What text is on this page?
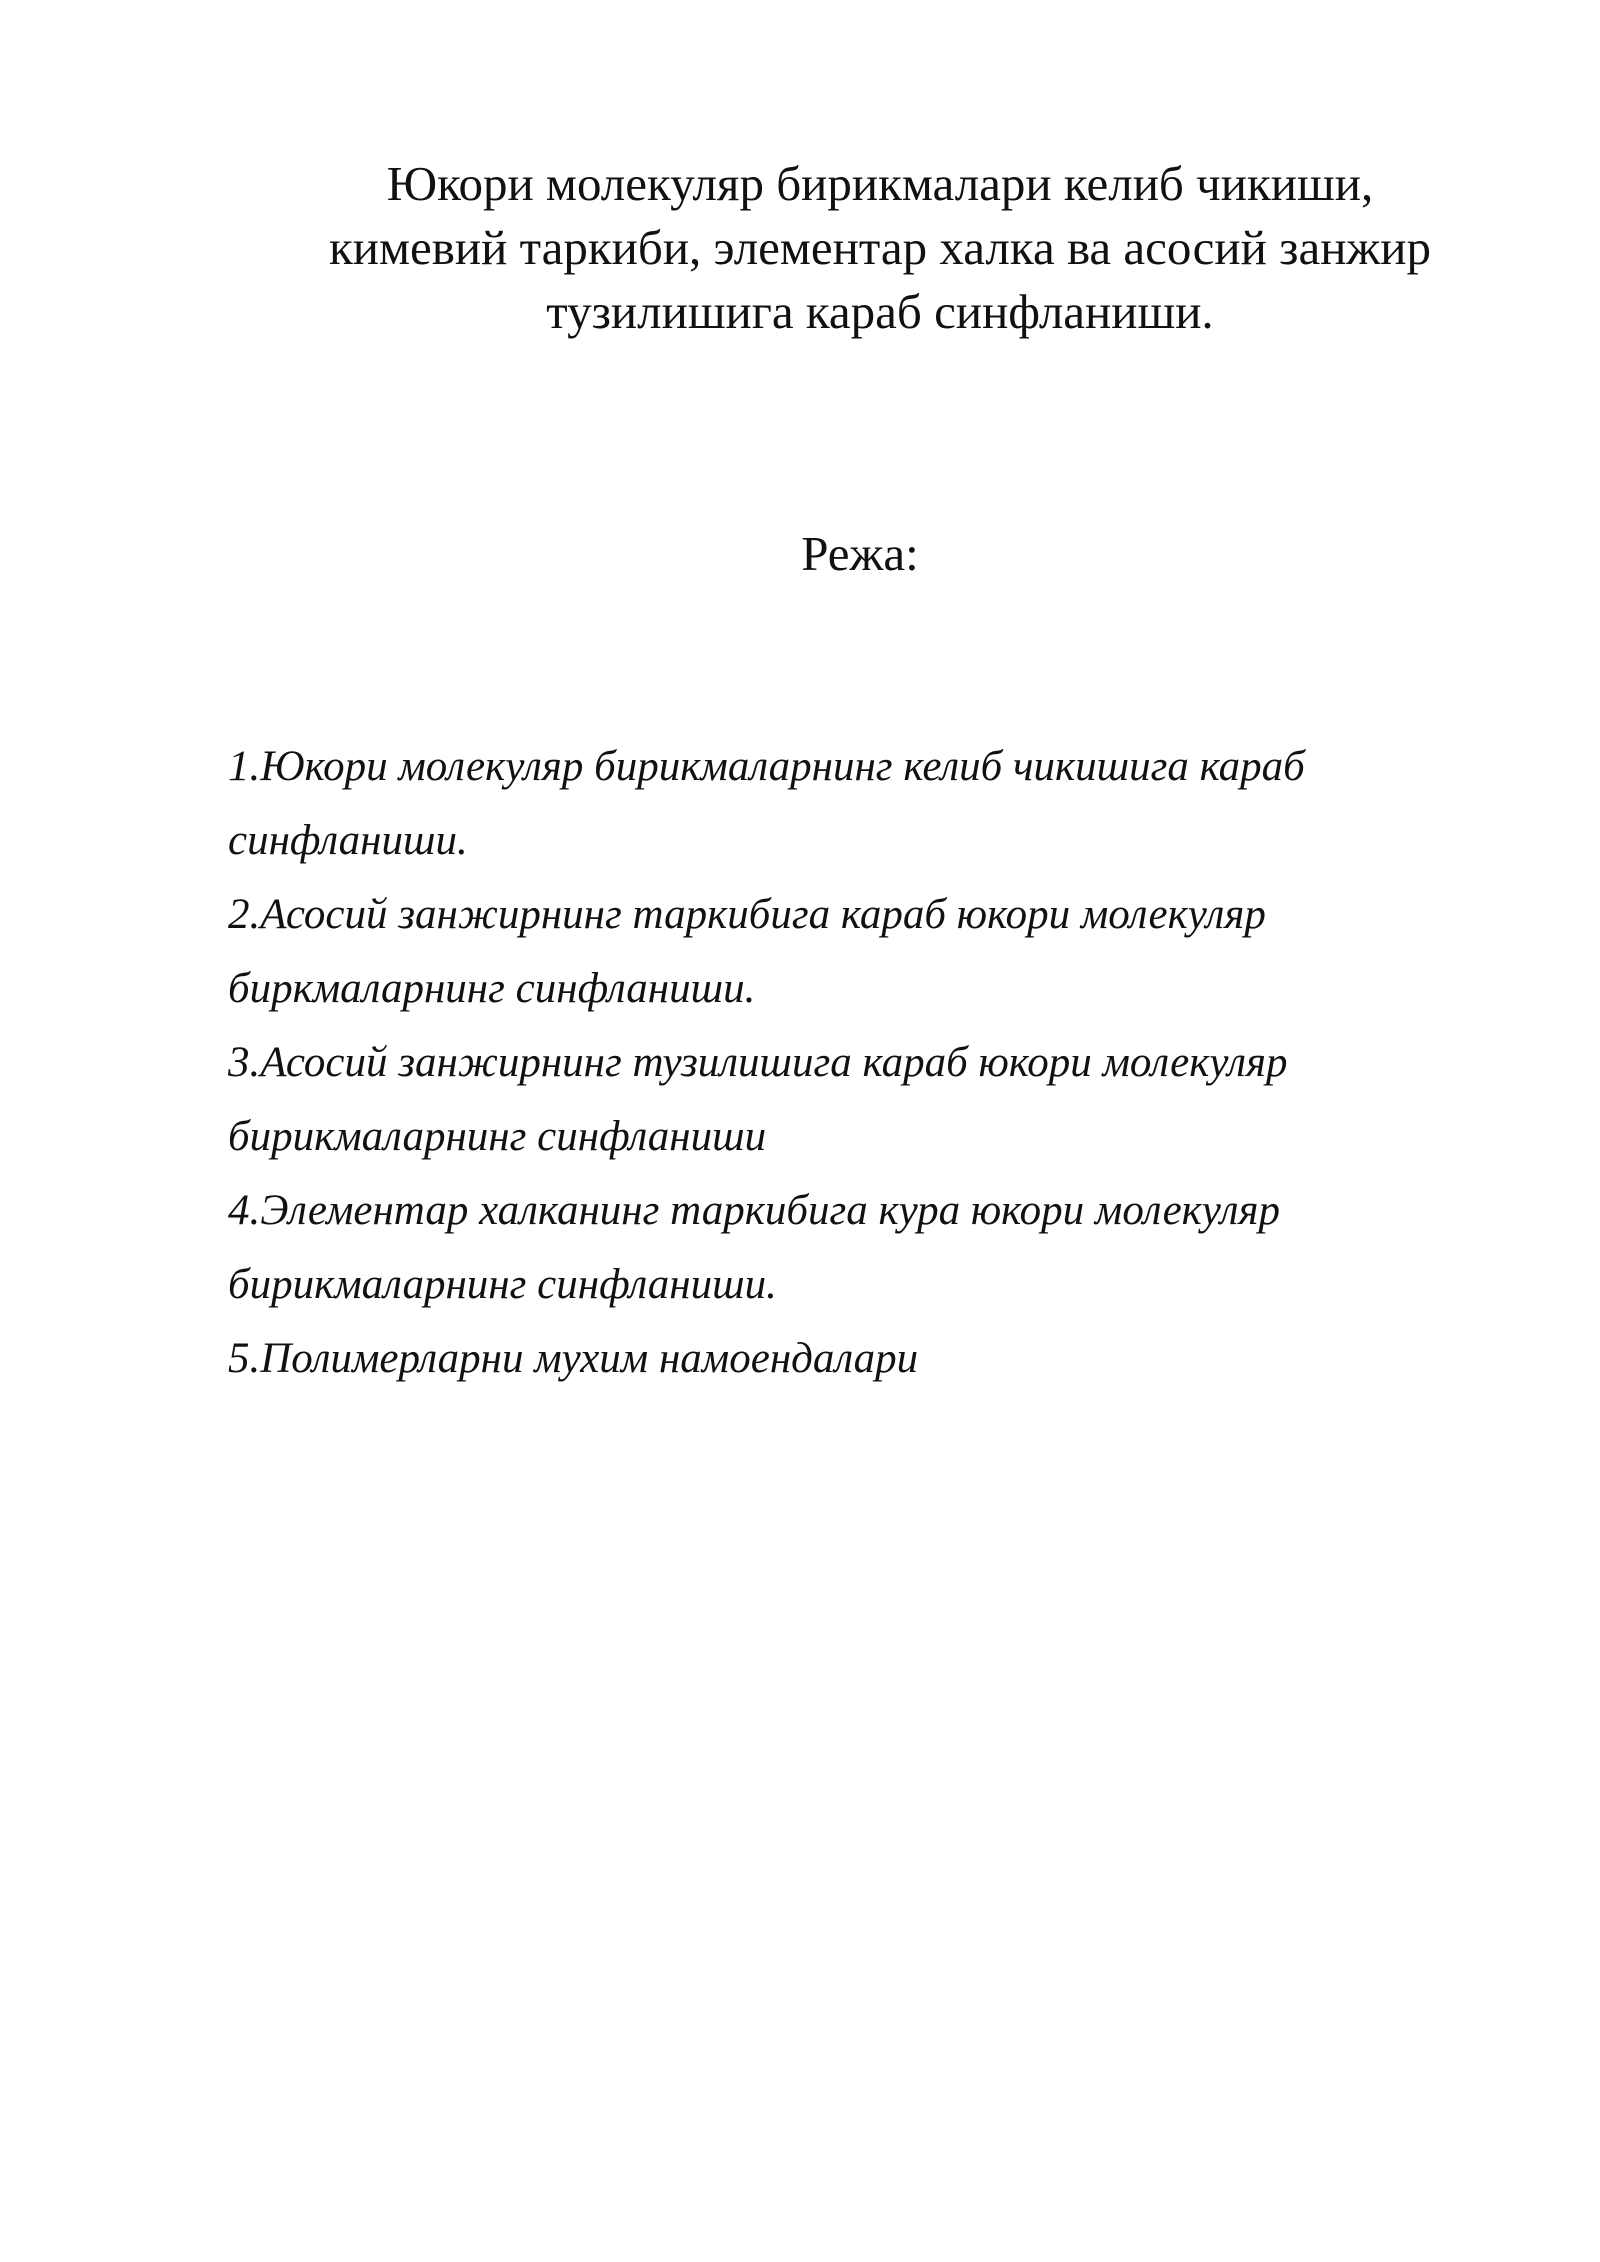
Юкори молекуляр бирикмалари келиб чикиши,
кимевий таркиби, элементар халка ва асосий занжир
тузилишига караб синфланиши.
Режа:
1.Юкори молекуляр бирикмаларнинг келиб чикишига караб
синфланиши.
2.Асосий занжирнинг таркибига караб юкори молекуляр
биркмаларнинг синфланиши.
3.Асосий занжирнинг тузилишига караб юкори молекуляр
бирикмаларнинг синфланиши
4.Элементар халканинг таркибига кура юкори молекуляр
бирикмаларнинг синфланиши.
5.Полимерларни мухим намоендалари
